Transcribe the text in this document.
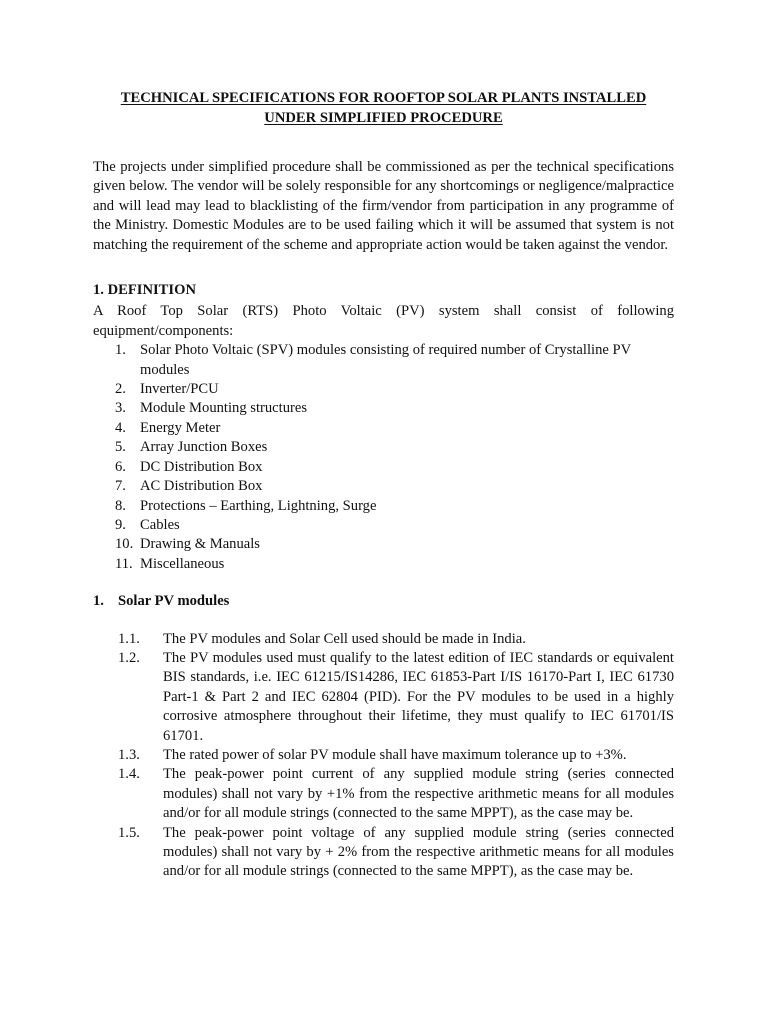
TECHNICAL SPECIFICATIONS FOR ROOFTOP SOLAR PLANTS INSTALLED
UNDER SIMPLIFIED PROCEDURE

The projects under simplified procedure shall be commissioned as per the technical specifications given below. The vendor will be solely responsible for any shortcomings or negligence/malpractice and will lead may lead to blacklisting of the firm/vendor from participation in any programme of the Ministry. Domestic Modules are to be used failing which it will be assumed that system is not matching the requirement of the scheme and appropriate action would be taken against the vendor.

1. DEFINITION

A Roof Top Solar (RTS) Photo Voltaic (PV) system shall consist of following equipment/components:

1. Solar Photo Voltaic (SPV) modules consisting of required number of Crystalline PV modules
2. Inverter/PCU
3. Module Mounting structures
4. Energy Meter
5. Array Junction Boxes
6. DC Distribution Box
7. AC Distribution Box
8. Protections – Earthing, Lightning, Surge
9. Cables
10. Drawing & Manuals
11. Miscellaneous

1. Solar PV modules

1.1. The PV modules and Solar Cell used should be made in India.
1.2. The PV modules used must qualify to the latest edition of IEC standards or equivalent BIS standards, i.e. IEC 61215/IS14286, IEC 61853-Part I/IS 16170-Part I, IEC 61730 Part-1 & Part 2 and IEC 62804 (PID). For the PV modules to be used in a highly corrosive atmosphere throughout their lifetime, they must qualify to IEC 61701/IS 61701.
1.3. The rated power of solar PV module shall have maximum tolerance up to +3%.
1.4. The peak-power point current of any supplied module string (series connected modules) shall not vary by +1% from the respective arithmetic means for all modules and/or for all module strings (connected to the same MPPT), as the case may be.
1.5. The peak-power point voltage of any supplied module string (series connected modules) shall not vary by + 2% from the respective arithmetic means for all modules and/or for all module strings (connected to the same MPPT), as the case may be.
